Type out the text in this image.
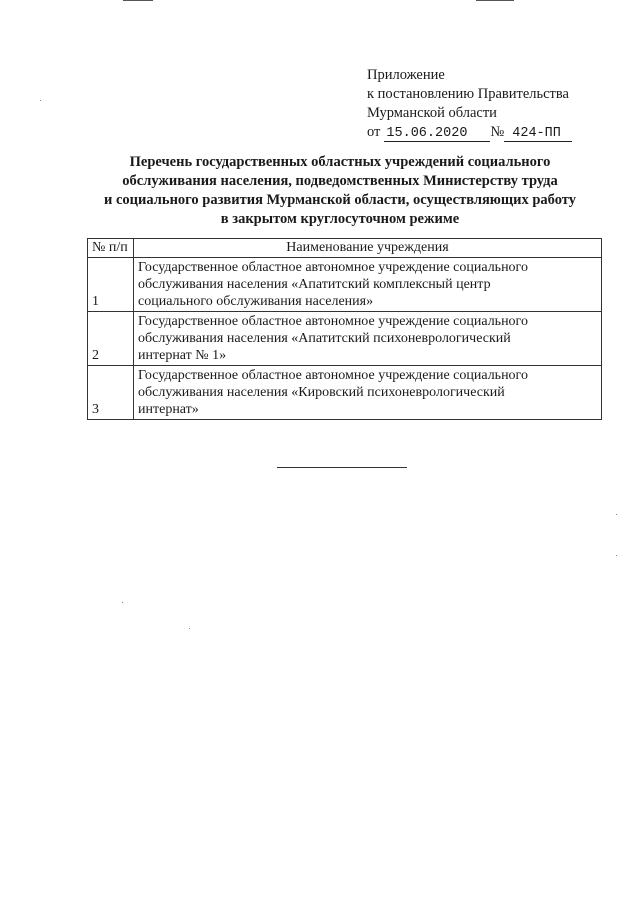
Приложение
к постановлению Правительства
Мурманской области
от 15.06.2020	№ 424-ПП
Перечень государственных областных учреждений социального
обслуживания населения, подведомственных Министерству труда
и социального развития Мурманской области, осуществляющих работу
в закрытом круглосуточном режиме
№ п/п	Наименование учреждения
1	Государственное областное автономное учреждение социального
обслуживания населения «Апатитский комплексный центр
социального обслуживания населения»

2	Государственное областное автономное учреждение социального
обслуживания населения «Апатитский психоневрологический
интернат № 1»

3	Государственное областное автономное учреждение социального
обслуживания населения «Кировский психоневрологический
интернат»
